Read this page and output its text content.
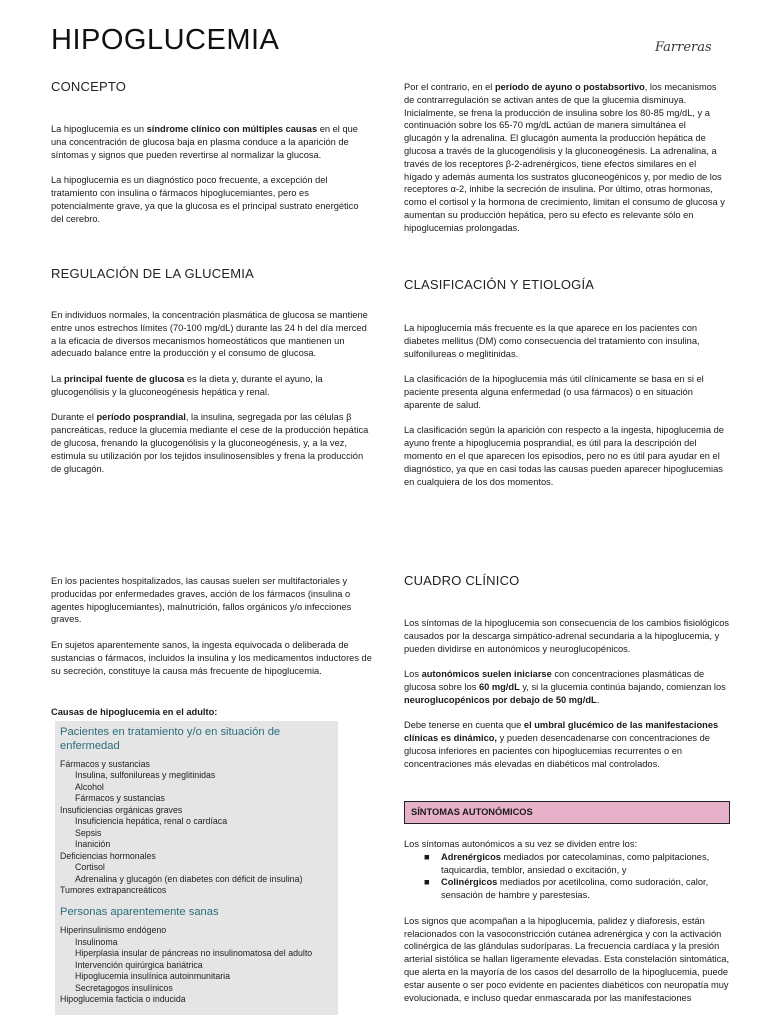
HIPOGLUCEMIA	Farreras
CONCEPTO

La hipoglucemia es un síndrome clínico con múltiples causas en el que una concentración de glucosa baja en plasma conduce a la aparición de síntomas y signos que pueden revertirse al normalizar la glucosa.

La hipoglucemia es un diagnóstico poco frecuente, a excepción del tratamiento con insulina o fármacos hipoglucemiantes, pero es potencialmente grave, ya que la glucosa es el principal sustrato energético del cerebro.

REGULACIÓN DE LA GLUCEMIA

En individuos normales, la concentración plasmática de glucosa se mantiene entre unos estrechos límites (70-100 mg/dL) durante las 24 h del día merced a la eficacia de diversos mecanismos homeostáticos que mantienen un adecuado balance entre la producción y el consumo de glucosa.

La principal fuente de glucosa es la dieta y, durante el ayuno, la glucogenólisis y la gluconeogénesis hepática y renal.

Durante el período posprandial, la insulina, segregada por las células β pancreáticas, reduce la glucemia mediante el cese de la producción hepática de glucosa, frenando la glucogenólisis y la gluconeogénesis, y, a la vez, estimula su utilización por los tejidos insulinosensibles y frena la producción de glucagón.

En los pacientes hospitalizados, las causas suelen ser multifactoriales y producidas por enfermedades graves, acción de los fármacos (insulina o agentes hipoglucemiantes), malnutrición, fallos orgánicos y/o infecciones graves.

En sujetos aparentemente sanos, la ingesta equivocada o deliberada de sustancias o fármacos, incluidos la insulina y los medicamentos inductores de su secreción, constituye la causa más frecuente de hipoglucemia.

Causas de hipoglucemia en el adulto:
Pacientes en tratamiento y/o en situación de enfermedad
Fármacos y sustancias
Insulina, sulfonilureas y meglitinidas
Alcohol
Fármacos y sustancias
Insuficiencias orgánicas graves
Insuficiencia hepática, renal o cardíaca
Sepsis
Inanición
Deficiencias hormonales
Cortisol
Adrenalina y glucagón (en diabetes con déficit de insulina)
Tumores extrapancreáticos
Personas aparentemente sanas
Hiperinsulinismo endógeno
Insulinoma
Hiperplasia insular de páncreas no insulinomatosa del adulto
Intervención quirúrgica bariátrica
Hipoglucemia insulínica autoinmunitaria
Secretagogos insulínicos
Hipoglucemia facticia o inducida

Por el contrario, en el período de ayuno o postabsortivo, los mecanismos de contrarregulación se activan antes de que la glucemia disminuya. Inicialmente, se frena la producción de insulina sobre los 80-85 mg/dL, y a continuación sobre los 65-70 mg/dL actúan de manera simultánea el glucagón y la adrenalina. El glucagón aumenta la producción hepática de glucosa a través de la glucogenólisis y la gluconeogénesis. La adrenalina, a través de los receptores β-2-adrenérgicos, tiene efectos similares en el hígado y además aumenta los sustratos gluconeogénicos y, por medio de los receptores α-2, inhibe la secreción de insulina. Por último, otras hormonas, como el cortisol y la hormona de crecimiento, limitan el consumo de glucosa y aumentan su producción hepática, pero su efecto es relevante sólo en hipoglucemias prolongadas.

CLASIFICACIÓN Y ETIOLOGÍA

La hipoglucemia más frecuente es la que aparece en los pacientes con diabetes mellitus (DM) como consecuencia del tratamiento con insulina, sulfonilureas o meglitinidas.

La clasificación de la hipoglucemia más útil clínicamente se basa en si el paciente presenta alguna enfermedad (o usa fármacos) o en situación aparente de salud.

La clasificación según la aparición con respecto a la ingesta, hipoglucemia de ayuno frente a hipoglucemia posprandial, es útil para la descripción del momento en el que aparecen los episodios, pero no es útil para ayudar en el diagnóstico, ya que en casi todas las causas pueden aparecer hipoglucemias en cualquiera de los dos momentos.

CUADRO CLÍNICO

Los síntomas de la hipoglucemia son consecuencia de los cambios fisiológicos causados por la descarga simpático-adrenal secundaria a la hipoglucemia, y pueden dividirse en autonómicos y neuroglucopénicos.

Los autonómicos suelen iniciarse con concentraciones plasmáticas de glucosa sobre los 60 mg/dL y, si la glucemia continúa bajando, comienzan los neuroglucopénicos por debajo de 50 mg/dL.

Debe tenerse en cuenta que el umbral glucémico de las manifestaciones clínicas es dinámico, y pueden desencadenarse con concentraciones de glucosa inferiores en pacientes con hipoglucemias recurrentes o en concentraciones más elevadas en diabéticos mal controlados.

SÍNTOMAS AUTONÓMICOS

Los síntomas autonómicos a su vez se dividen entre los:

■ Adrenérgicos mediados por catecolaminas, como palpitaciones, taquicardia, temblor, ansiedad o excitación, y
■ Colinérgicos mediados por acetilcolina, como sudoración, calor, sensación de hambre y parestesias.

Los signos que acompañan a la hipoglucemia, palidez y diaforesis, están relacionados con la vasoconstricción cutánea adrenérgica y con la activación colinérgica de las glándulas sudoríparas. La frecuencia cardíaca y la presión arterial sistólica se hallan ligeramente elevadas. Esta constelación sintomática, que alerta en la mayoría de los casos del desarrollo de la hipoglucemia, puede estar ausente o ser poco evidente en pacientes diabéticos con neuropatía muy evolucionada, e incluso quedar enmascarada por las manifestaciones
